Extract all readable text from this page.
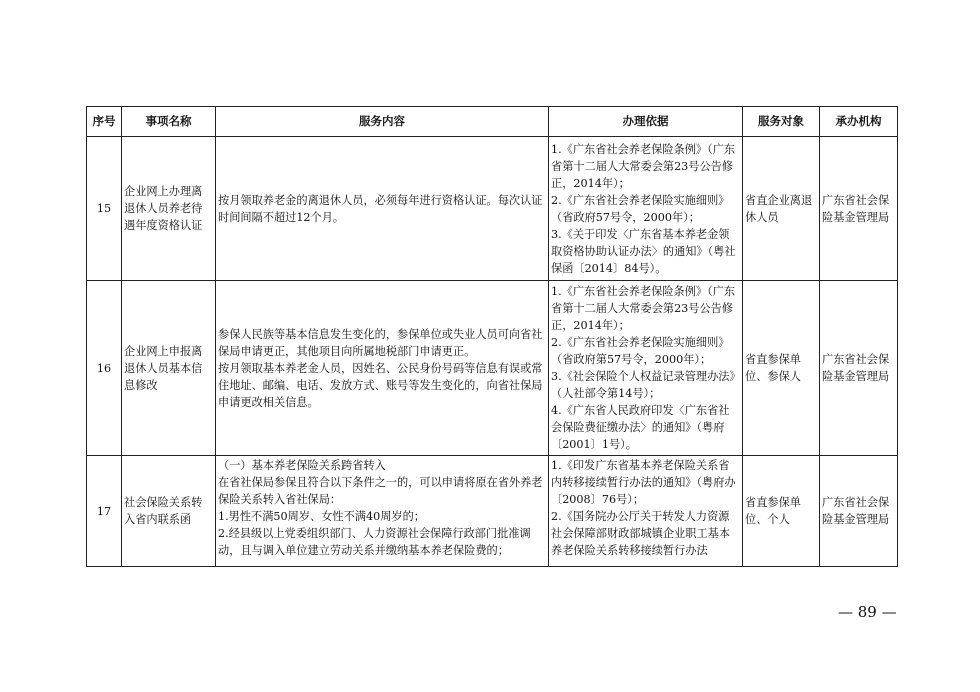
序号	事项名称	服务内容	办理依据	服务对象	承办机构
15	企业网上办理离退休人员养老待遇年度资格认证	按月领取养老金的离退休人员，必须每年进行资格认证。每次认证时间间隔不超过12个月。	1.《广东省社会养老保险条例》（广东省第十二届人大常委会第23号公告修正，2014年）；
2.《广东省社会养老保险实施细则》（省政府57号令，2000年）；
3.《关于印发〈广东省基本养老金领取资格协助认证办法〉的通知》（粤社保函〔2014〕84号）。	省直企业离退休人员	广东省社会保险基金管理局
16	企业网上申报离退休人员基本信息修改	参保人民族等基本信息发生变化的，参保单位或失业人员可向省社保局申请更正，其他项目向所属地税部门申请更正。
按月领取基本养老金人员，因姓名、公民身份号码等信息有误或常住地址、邮编、电话、发放方式、账号等发生变化的，向省社保局申请更改相关信息。	1.《广东省社会养老保险条例》（广东省第十二届人大常委会第23号公告修正，2014年）；
2.《广东省社会养老保险实施细则》（省政府第57号令，2000年）；
3.《社会保险个人权益记录管理办法》（人社部令第14号）；
4.《广东省人民政府印发〈广东省社会保险费征缴办法〉的通知》（粤府〔2001〕1号）。	省直参保单位、参保人	广东省社会保险基金管理局
17	社会保险关系转入省内联系函	（一）基本养老保险关系跨省转入
在省社保局参保且符合以下条件之一的，可以申请将原在省外养老保险关系转入省社保局：
1.男性不满50周岁、女性不满40周岁的；
2.经县级以上党委组织部门、人力资源社会保障行政部门批准调动，且与调入单位建立劳动关系并缴纳基本养老保险费的；	1.《印发广东省基本养老保险关系省内转移接续暂行办法的通知》（粤府办〔2008〕76号）；
2.《国务院办公厅关于转发人力资源社会保障部财政部城镇企业职工基本养老保险关系转移接续暂行办法	省直参保单位、个人	广东省社会保险基金管理局
— 89 —
